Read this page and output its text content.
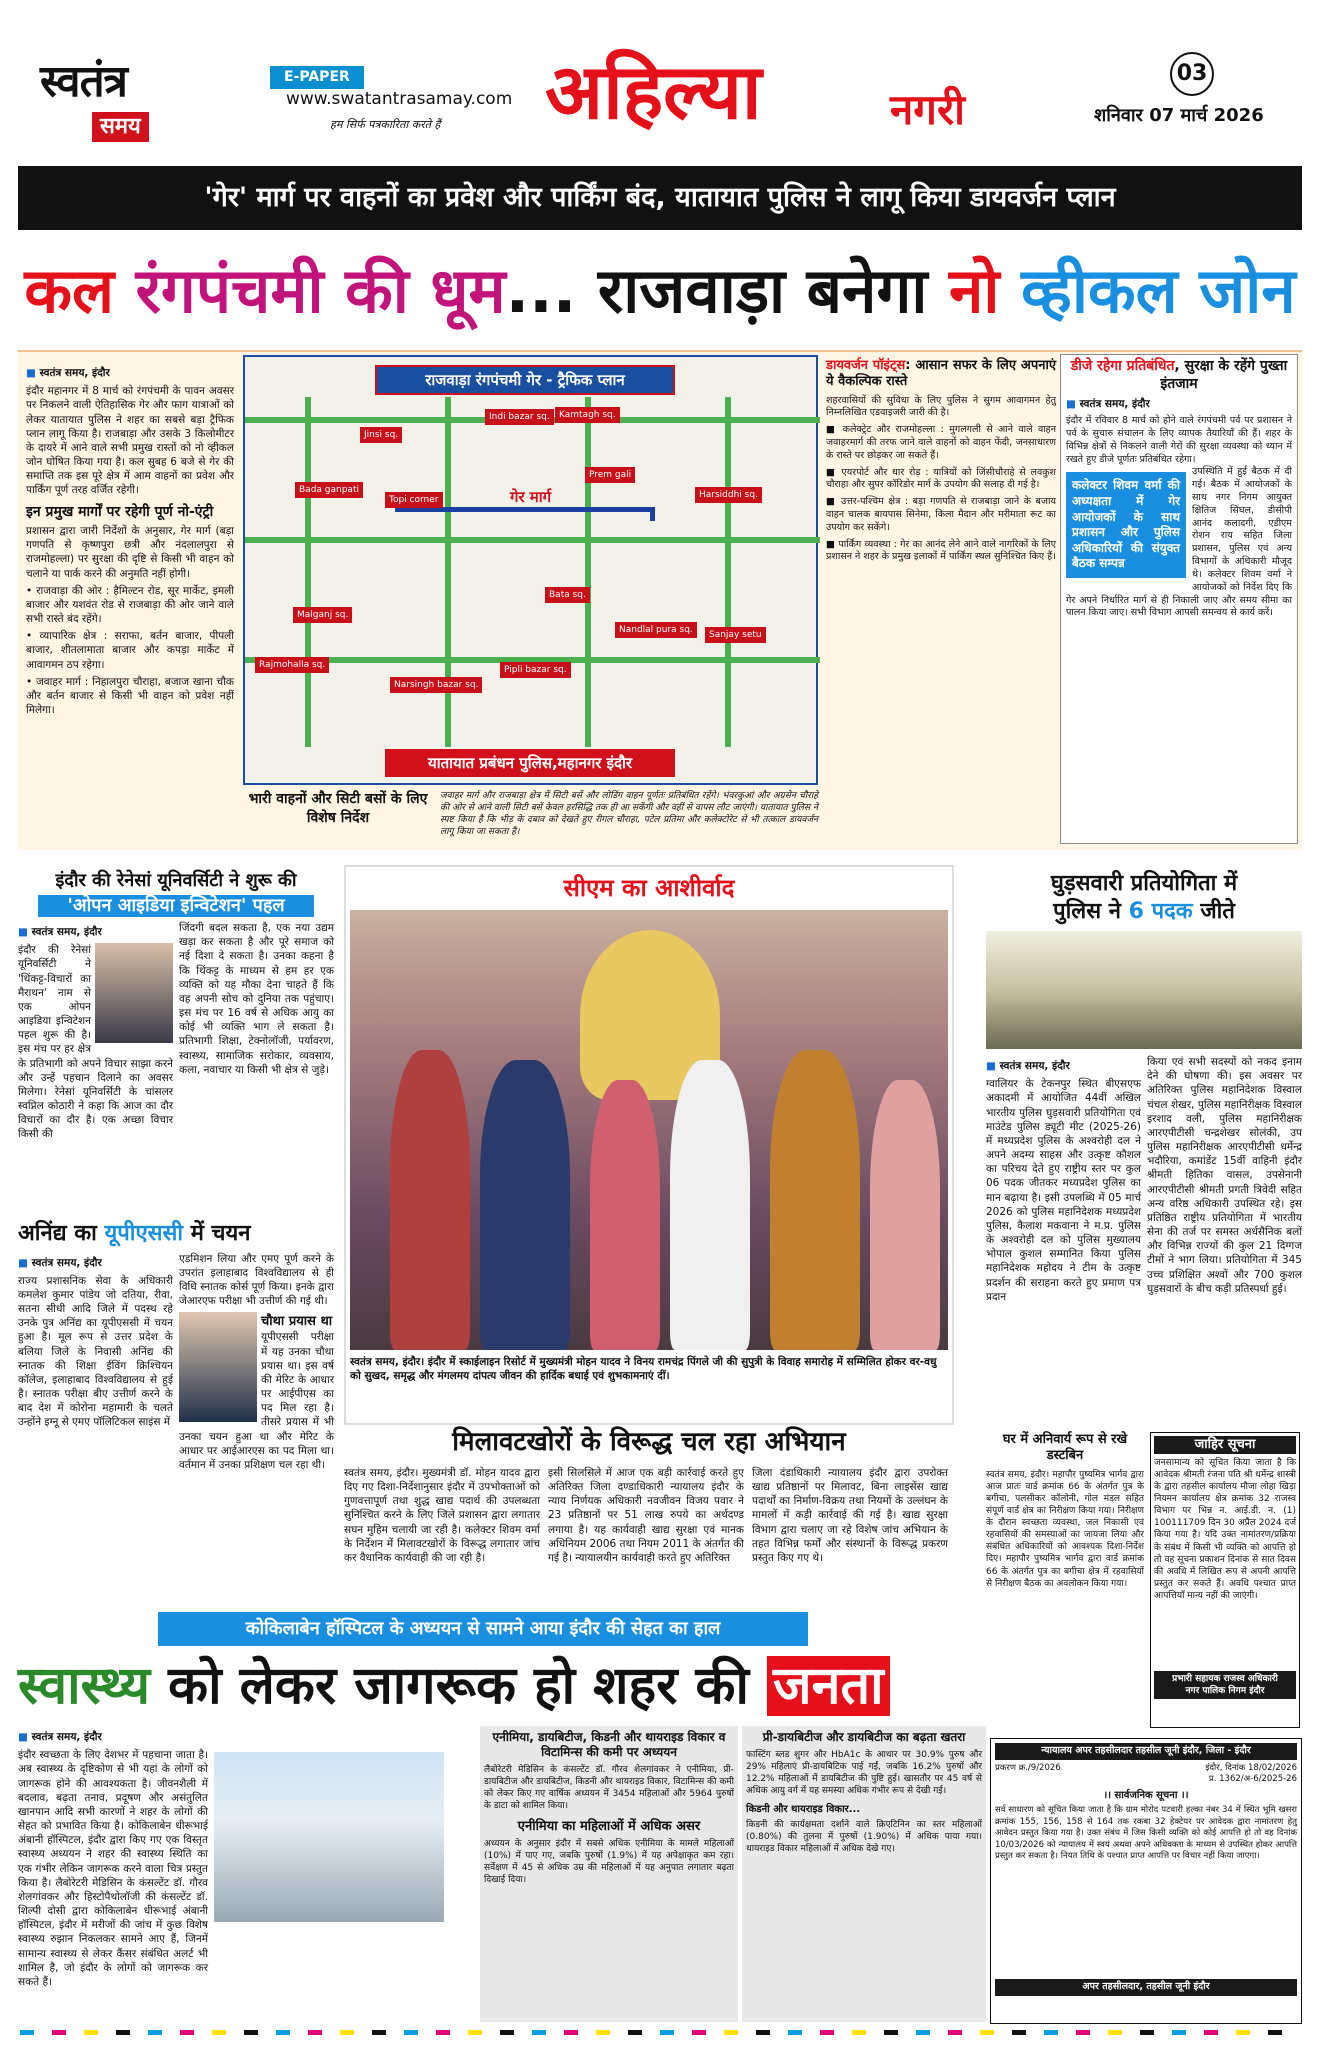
स्वतंत्र
समय
E-PAPER
www.swatantrasamay.com
हम सिर्फ पत्रकारिता करते हैं अहिल्या	नगरी
03
शनिवार 07 मार्च 2026
'गेर' मार्ग पर वाहनों का प्रवेश और पार्किंग बंद, यातायात पुलिस ने लागू किया डायवर्जन प्लान
कल रंगपंचमी की धूम... राजवाड़ा बनेगा नो व्हीकल जोन
■ स्वतंत्र समय, इंदौर

इंदौर महानगर में 8 मार्च को रंगपंचमी के पावन अवसर पर निकलने वाली ऐतिहासिक गेर और फाग यात्राओं को लेकर यातायात पुलिस ने शहर का सबसे बड़ा ट्रैफिक प्लान लागू किया है। राजबाड़ा और उसके 3 किलोमीटर के दायरे में आने वाले सभी प्रमुख रास्तों को नो व्हीकल जोन घोषित किया गया है। कल सुबह 6 बजे से गेर की समाप्ति तक इस पूरे क्षेत्र में आम वाहनों का प्रवेश और पार्किंग पूर्ण तरह वर्जित रहेगी।

इन प्रमुख मार्गों पर रहेगी पूर्ण नो-एंट्री

प्रशासन द्वारा जारी निर्देशों के अनुसार, गेर मार्ग (बड़ा गणपति से कृष्णपुरा छत्री और नंदलालपुरा से राजमोहल्ला) पर सुरक्षा की दृष्टि से किसी भी वाहन को चलाने या पार्क करने की अनुमति नहीं होगी।

• राजवाड़ा की ओर : हैमिल्टन रोड, सूर मार्केट, इमली बाजार और यशवंत रोड से राजबाड़ा की ओर जाने वाले सभी रास्ते बंद रहेंगे।

• व्यापारिक क्षेत्र : सराफा, बर्तन बाजार, पीपली बाजार, शीतलामाता बाजार और कपड़ा मार्केट में आवागमन ठप रहेगा।

• जवाहर मार्ग : निहालपुरा चौराहा, बजाज खाना चौक और बर्तन बाजार से किसी भी वाहन को प्रवेश नहीं मिलेगा।

गेर मार्ग
राजवाड़ा रंगपंचमी गेर - ट्रैफिक प्लान
Bada ganpati
Jinsi sq.
Topi corner
Malganj sq.
Rajmohalla sq.
Narsingh bazar sq.
Pipli bazar sq.
Bata sq.
Nandlal pura sq.	Sanjay setu
Prem gali
Harsiddhi sq.
Kamtagh sq.
Indi bazar sq.
यातायात प्रबंधन पुलिस,महानगर इंदौर
भारी वाहनों और सिटी बसों के लिए विशेष निर्देश
जवाहर मार्ग और राजबाड़ा क्षेत्र में सिटी बसें और लोडिंग वाहन पूर्णतः प्रतिबंधित रहेंगे। भंवरकुआं और अग्रसेन चौराहे की ओर से आने वाली सिटी बसें केवल हरसिद्धि तक ही आ सकेंगी और वहीं से वापस लौट जाएंगी। यातायात पुलिस ने स्पष्ट किया है कि भीड़ के दबाव को देखते हुए रीगल चौराहा, पटेल प्रतिमा और कलेक्टोरेट से भी तत्काल डायवर्जन लागू किया जा सकता है।
डायवर्जन पॉइंट्स: आसान सफर के लिए अपनाएं ये वैकल्पिक रास्ते

शहरवासियों की सुविधा के लिए पुलिस ने सुगम आवागमन हेतु निम्नलिखित एडवाइजरी जारी की है।

■ कलेक्ट्रेट और राजमोहल्ला : मुगलगली से आने वाले वाहन जवाहरमार्ग की तरफ जाने वाले वाहनों को वाहन फेंदी, जनसाधारण के रास्ते पर छोड़कर जा सकते हैं।

■ एयरपोर्ट और धार रोड़ : यात्रियों को जिंसीचौराहे से लवकुश चौराहा और सुपर कॉरिडोर मार्ग के उपयोग की सलाह दी गई है।

■ उत्तर-पश्चिम क्षेत्र : बड़ा गणपति से राजबाड़ा जाने के बजाय वाहन चालक बायपास सिनेमा, किला मैदान और मरीमाता रूट का उपयोग कर सकेंगे।

■ पार्किंग व्यवस्था : गेर का आनंद लेने आने वाले नागरिकों के लिए प्रशासन ने शहर के प्रमुख इलाकों में पार्किंग स्थल सुनिश्चित किए हैं।

डीजे रहेगा प्रतिबंधित, सुरक्षा के रहेंगे पुख्ता इंतजाम
■ स्वतंत्र समय, इंदौर

इंदौर में रविवार 8 मार्च को होने वाले रंगपंचमी पर्व पर प्रशासन ने पर्व के सुचारु संचालन के लिए व्यापक तैयारियाँ की हैं। शहर के विभिन्न क्षेत्रों से निकलने वाली गेरों की सुरक्षा व्यवस्था को ध्यान में रखते हुए डीजे पूर्णतः प्रतिबंधित रहेगा।

कलेक्टर शिवम वर्मा की अध्यक्षता में गेर आयोजकों के साथ प्रशासन और पुलिस अधिकारियों की संयुक्त बैठक सम्पन्न

उपस्थिति में हुई बैठक में दी गई। बैठक में आयोजकों के साथ नगर निगम आयुक्त क्षितिज सिंघल, डीसीपी आनंद कलादगी, एडीएम रोशन राय सहित जिला प्रशासन, पुलिस एवं अन्य विभागों के अधिकारी मौजूद थे। कलेक्टर शिवम वर्मा ने आयोजकों को निर्देश दिए कि गेर अपने निर्धारित मार्ग से ही निकाली जाए और समय सीमा का पालन किया जाए। सभी विभाग आपसी समन्वय से कार्य करें।

इंदौर की रेनेसां यूनिवर्सिटी ने शुरू की
'ओपन आइडिया इन्विटेशन' पहल
■ स्वतंत्र समय, इंदौर

इंदौर की रेनेसां यूनिवर्सिटी ने 'थिंकट्ट-विचारों का मैराथन' नाम से एक ओपन आइडिया इन्विटेशन पहल शुरू की है। इस मंच पर हर क्षेत्र के प्रतिभागी को अपने विचार साझा करने और उन्हें पहचान दिलाने का अवसर मिलेगा। रेनेसां यूनिवर्सिटी के चांसलर स्वप्निल कोठारी ने कहा कि आज का दौर विचारों का दौर है। एक अच्छा विचार किसी की

जिंदगी बदल सकता है, एक नया उद्यम खड़ा कर सकता है और पूरे समाज को नई दिशा दे सकता है। उनका कहना है कि थिंकट्ट के माध्यम से हम हर एक व्यक्ति को यह मौका देना चाहते हैं कि वह अपनी सोच को दुनिया तक पहुंचाए। इस मंच पर 16 वर्ष से अधिक आयु का कोई भी व्यक्ति भाग ले सकता है। प्रतिभागी शिक्षा, टेक्नोलॉजी, पर्यावरण, स्वास्थ्य, सामाजिक सरोकार, व्यवसाय, कला, नवाचार या किसी भी क्षेत्र से जुड़े।

अनिंद्य का यूपीएससी में चयन
■ स्वतंत्र समय, इंदौर

राज्य प्रशासनिक सेवा के अधिकारी कमलेश कुमार पांडेय जो दतिया, रीवा, सतना सीधी आदि जिले में पदस्थ रहे उनके पुत्र अनिंद्य का यूपीएससी में चयन हुआ है। मूल रूप से उत्तर प्रदेश के बलिया जिले के निवासी अनिंद्य की स्नातक की शिक्षा ईविंग क्रिश्चियन कॉलेज, इलाहाबाद विश्वविद्यालय से हुई है। स्नातक परीक्षा बीए उत्तीर्ण करने के बाद देश में कोरोना महामारी के चलते उन्होंने इग्नू से एमए पॉलिटिकल साइंस में

एडमिशन लिया और एमए पूर्ण करने के उपरांत इलाहाबाद विश्वविद्यालय से ही विधि स्नातक कोर्स पूर्ण किया। इनके द्वारा जेआरएफ परीक्षा भी उत्तीर्ण की गई थी।

चौथा प्रयास था

यूपीएससी परीक्षा में यह उनका चौथा प्रयास था। इस वर्ष की मेरिट के आधार पर आईपीएस का पद मिल रहा है। तीसरे प्रयास में भी उनका चयन हुआ था और मेरिट के आधार पर आईआरएस का पद मिला था। वर्तमान में उनका प्रशिक्षण चल रहा थी।

सीएम का आशीर्वाद
स्वतंत्र समय, इंदौर। इंदौर में स्काईलाइन रिसोर्ट में मुख्यमंत्री मोहन यादव ने विनय रामचंद्र पिंगले जी की सुपुत्री के विवाह समारोह में सम्मिलित होकर वर-वधु को सुखद, समृद्ध और मंगलमय दांपत्य जीवन की हार्दिक बधाई एवं शुभकामनाएं दीं।
घुड़सवारी प्रतियोगिता में
पुलिस ने 6 पदक जीते
■ स्वतंत्र समय, इंदौर

ग्वालियर के टेकनपुर स्थित बीएसएफ अकादमी में आयोजित 44वीं अखिल भारतीय पुलिस घुड़सवारी प्रतियोगिता एवं माउंटेड पुलिस ड्यूटी मीट (2025-26) में मध्यप्रदेश पुलिस के अश्वरोही दल ने अपने अदम्य साहस और उत्कृष्ट कौशल का परिचय देते हुए राष्ट्रीय स्तर पर कुल 06 पदक जीतकर मध्यप्रदेश पुलिस का मान बढ़ाया है। इसी उपलब्धि में 05 मार्च 2026 को पुलिस महानिदेशक मध्यप्रदेश पुलिस, कैलाश मकवाना ने म.प्र. पुलिस के अश्वरोही दल को पुलिस मुख्यालय भोपाल कुशल सम्मानित किया पुलिस महानिदेशक महोदय ने टीम के उत्कृष्ट प्रदर्शन की सराहना करते हुए प्रमाण पत्र प्रदान

किया एवं सभी सदस्यों को नकद इनाम देने की घोषणा की। इस अवसर पर अतिरिक्त पुलिस महानिदेशक विस्वाल चंचल शेखर, पुलिस महानिरीक्षक विस्वाल इरशाद वली, पुलिस महानिरीक्षक आरएपीटीसी चन्द्रशेखर सोलंकी, उप पुलिस महानिरीक्षक आरएपीटीसी धर्मेन्द्र भदौरिया, कमांडेंट 15वीं वाहिनी इंदौर श्रीमती हितिका वासल, उपसेनानी आरएपीटीसी श्रीमती प्रगती त्रिवेदी सहित अन्य वरिष्ठ अधिकारी उपस्थित रहे। इस प्रतिष्ठित राष्ट्रीय प्रतियोगिता में भारतीय सेना की तर्ज पर समस्त अर्धसैनिक बलों और विभिन्न राज्यों की कुल 21 दिग्गज टीमों ने भाग लिया। प्रतियोगिता में 345 उच्च प्रशिक्षित अश्वों और 700 कुशल घुड़सवारों के बीच कड़ी प्रतिस्पर्धा हुई।

मिलावटखोरों के विरूद्ध चल रहा अभियान

स्वतंत्र समय, इंदौर। मुख्यमंत्री डॉ. मोहन यादव द्वारा दिए गए दिशा-निर्देशानुसार इंदौर में उपभोक्ताओं को गुणवत्तापूर्ण तथा शुद्ध खाद्य पदार्थ की उपलब्धता सुनिश्चित करने के लिए जिले प्रशासन द्वारा लगातार सघन मुहिम चलायी जा रही है। कलेक्टर शिवम वर्मा के निर्देशन में मिलावटखोरों के विरूद्ध लगातार जांच कर वैधानिक कार्यवाही की जा रही है।

इसी सिलसिले में आज एक बड़ी कार्रवाई करते हुए अतिरिक्त जिला दण्डाधिकारी न्यायालय इंदौर के न्याय निर्णयक अधिकारी नवजीवन विजय पवार ने 23 प्रतिष्ठानों पर 51 लाख रुपये का अर्थदण्ड लगाया है। यह कार्यवाही खाद्य सुरक्षा एवं मानक अधिनियम 2006 तथा नियम 2011 के अंतर्गत की गई है। न्यायालयीन कार्यवाही करते हुए अतिरिक्त

जिला दंडाधिकारी न्यायालय इंदौर द्वारा उपरोक्त खाद्य प्रतिष्ठानों पर मिलावट, बिना लाइसेंस खाद्य पदार्थों का निर्माण-विक्रय तथा नियमों के उल्लंघन के मामलों में कड़ी कार्रवाई की गई है। खाद्य सुरक्षा विभाग द्वारा चलाए जा रहे विशेष जांच अभियान के तहत विभिन्न फर्मों और संस्थानों के विरूद्ध प्रकरण प्रस्तुत किए गए थे।

घर में अनिवार्य रूप से रखे डस्टबिन

स्वतंत्र समय, इंदौर। महापौर पुष्यमित्र भार्गव द्वारा आज प्रातः वार्ड क्रमांक 66 के अंतर्गत पुत्र के बगीचा, पलसीकर कॉलोनी, गोल मंडल सहित संपूर्ण वार्ड क्षेत्र का निरीक्षण किया गया। निरीक्षण के दौरान स्वच्छता व्यवस्था, जल निकासी एवं रहवासियों की समस्याओं का जायजा लिया और संबंधित अधिकारियों को आवश्यक दिशा-निर्देश दिए। महापौर पुष्यमित्र भार्गव द्वारा वार्ड क्रमांक 66 के अंतर्गत पुत्र का बगीचा क्षेत्र में रहवासियों से निरीक्षण बैठक का अवलोकन किया गया।

जाहिर सूचना

जनसामान्य को सूचित किया जाता है कि आवेदक श्रीमती रंजना पति श्री धर्मेन्द्र शास्त्री के द्वारा तहसील कार्यालय मौजा लोहा खिड़ा नियमन कार्यालय क्षेत्र क्रमांक 32 राजस्व विभाग पर भिन्न न. आई.डी. न. (1) 100111709 दिन 30 अप्रैल 2024 दर्ज किया गया है। यदि उक्त नामांतरण/प्रक्रिया के संबंध में किसी भी व्यक्ति को आपत्ति हो तो वह सूचना प्रकाशन दिनांक से सात दिवस की अवधि में लिखित रूप से अपनी आपत्ति प्रस्तुत कर सकते हैं। अवधि पश्चात प्राप्त आपत्तियाँ मान्य नहीं की जाएंगी।

प्रभारी सहायक राजस्व अधिकारी
नगर पालिक निगम इंदौर
कोकिलाबेन हॉस्पिटल के अध्ययन से सामने आया इंदौर की सेहत का हाल
स्वास्थ्य को लेकर जागरूक हो शहर की जनता
■ स्वतंत्र समय, इंदौर

इंदौर स्वच्छता के लिए देशभर में पहचाना जाता है। अब स्वास्थ्य के दृष्टिकोण से भी यहां के लोगों को जागरूक होने की आवश्यकता है। जीवनशैली में बदलाव, बढ़ता तनाव, प्रदूषण और असंतुलित खानपान आदि सभी कारणों ने शहर के लोगों की सेहत को प्रभावित किया है। कोकिलाबेन धीरूभाई अंबानी हॉस्पिटल, इंदौर द्वारा किए गए एक विस्तृत स्वास्थ्य अध्ययन ने शहर की स्वास्थ्य स्थिति का एक गंभीर लेकिन जागरूक करने वाला चित्र प्रस्तुत किया है। लैबोरेटरी मेडिसिन के कंसल्टेंट डॉ. गौरव शेलगांवकर और हिस्टोपैथोलॉजी की कंसल्टेंट डॉ. शिल्पी दोसी द्वारा कोकिलाबेन धीरूभाई अंबानी हॉस्पिटल, इंदौर में मरीजों की जांच में कुछ विशेष स्वास्थ्य रुझान निकलकर सामने आए हैं, जिनमें सामान्य स्वास्थ्य से लेकर कैंसर संबंधित अलर्ट भी शामिल है, जो इंदौर के लोगों को जागरूक कर सकते हैं।

एनीमिया, डायबिटीज, किडनी और थायराइड विकार व विटामिन्स की कमी पर अध्ययन

लैबोरेटरी मेडिसिन के कंसल्टेंट डॉ. गौरव शेलगांवकर ने एनीमिया, प्री-डायबिटीज और डायबिटीज, किडनी और थायराइड विकार, विटामिन्स की कमी को लेकर किए गए वार्षिक अध्ययन में 3454 महिलाओं और 5964 पुरुषों के डाटा को शामिल किया।

एनीमिया का महिलाओं में अधिक असर

अध्ययन के अनुसार इंदौर में सबसे अधिक एनीमिया के मामले महिलाओं (10%) में पाए गए, जबकि पुरुषों (1.9%) में यह अपेक्षाकृत कम रहा। सर्वेक्षण में 45 से अधिक उम्र की महिलाओं में यह अनुपात लगातार बढ़ता दिखाई दिया।

प्री-डायबिटीज और डायबिटीज का बढ़ता खतरा

फास्टिंग ब्लड शुगर और HbA1c के आधार पर 30.9% पुरुष और 29% महिलाएं प्री-डायबिटिक पाई गईं, जबकि 16.2% पुरुषों और 12.2% महिलाओं में डायबिटीज की पुष्टि हुई। खासतौर पर 45 वर्ष से अधिक आयु वर्ग में यह समस्या अधिक गंभीर रूप से देखी गई।

किडनी और थायराइड विकार...

किडनी की कार्यक्षमता दर्शाने वाले क्रिएटिनिन का स्तर महिलाओं (0.80%) की तुलना में पुरुषों (1.90%) में अधिक पाया गया। थायराइड विकार महिलाओं में अधिक देखे गए।

न्यायालय अपर तहसीलदार तहसील जूनी इंदौर, जिला - इंदौर
प्रकरण क्र./9/2026	इंदौर, दिनांक 18/02/2026
प्र. 1362/अ-6/2025-26
।। सार्वजनिक सूचना ।।

सर्व साधारण को सूचित किया जाता है कि ग्राम मोरोद पटवारी हल्का नंबर 34 में स्थित भूमि खसरा क्रमांक 155, 156, 158 से 164 तक रकबा 32 हेक्टेयर पर आवेदक द्वारा नामांतरण हेतु आवेदन प्रस्तुत किया गया है। उक्त संबंध में जिस किसी व्यक्ति को कोई आपत्ति हो तो वह दिनांक 10/03/2026 को न्यायालय में स्वयं अथवा अपने अधिवक्ता के माध्यम से उपस्थित होकर आपत्ति प्रस्तुत कर सकता है। नियत तिथि के पश्चात प्राप्त आपत्ति पर विचार नहीं किया जाएगा।

अपर तहसीलदार, तहसील जूनी इंदौर
